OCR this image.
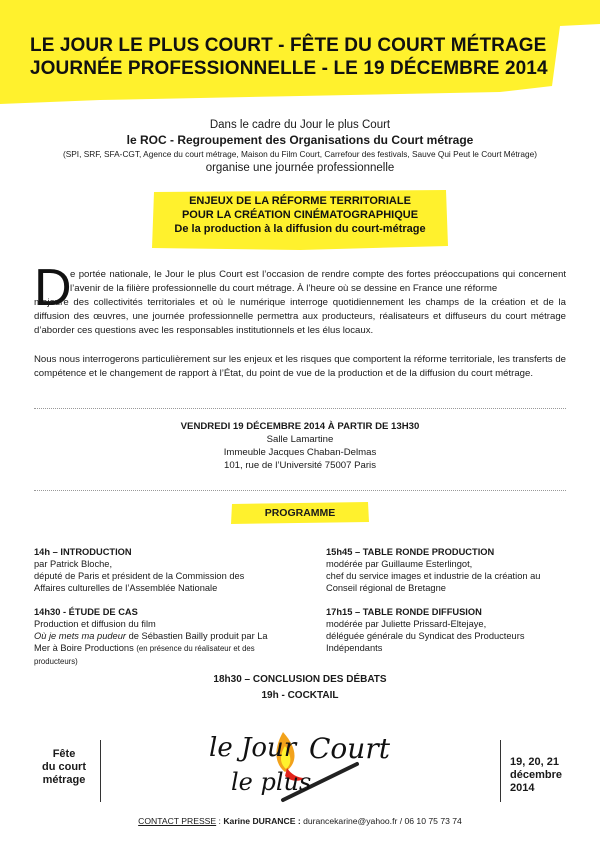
LE JOUR LE PLUS COURT - FÊTE DU COURT MÉTRAGE
JOURNÉE PROFESSIONNELLE - LE 19 DÉCEMBRE 2014
Dans le cadre du Jour le plus Court
le ROC - Regroupement des Organisations du Court métrage
(SPI, SRF, SFA-CGT, Agence du court métrage, Maison du Film Court, Carrefour des festivals, Sauve Qui Peut le Court Métrage)
organise une journée professionnelle
ENJEUX DE LA RÉFORME TERRITORIALE
POUR LA CRÉATION CINÉMATOGRAPHIQUE
De la production à la diffusion du court-métrage
D
e portée nationale, le Jour le plus Court est l’occasion de rendre compte des fortes préoccupations qui concernent l’avenir de la filière professionnelle du court métrage. À l’heure où se dessine en France une réforme
majeure des collectivités territoriales et où le numérique interroge quotidiennement les champs de la création et de la diffusion des œuvres, une journée professionnelle permettra aux producteurs, réalisateurs et diffuseurs du court métrage d’aborder ces questions avec les responsables institutionnels et les élus locaux.
Nous nous interrogerons particulièrement sur les enjeux et les risques que comportent la réforme territoriale, les transferts de compétence et le changement de rapport à l’État, du point de vue de la production et de la diffusion du court métrage.
VENDREDI 19 DÉCEMBRE 2014 À PARTIR DE 13H30
Salle Lamartine
Immeuble Jacques Chaban-Delmas
101, rue de l’Université 75007 Paris
PROGRAMME
14h – INTRODUCTION
par Patrick Bloche,
député de Paris et président de la Commission des Affaires culturelles de l’Assemblée Nationale
14h30 - ÉTUDE DE CAS
Production et diffusion du film
Où je mets ma pudeur de Sébastien Bailly produit par La Mer à Boire Productions (en présence du réalisateur et des producteurs)
15h45 – TABLE RONDE PRODUCTION
modérée par Guillaume Esterlingot,
chef du service images et industrie de la création au Conseil régional de Bretagne
17h15 – TABLE RONDE DIFFUSION
modérée par Juliette Prissard-Eltejaye,
déléguée générale du Syndicat des Producteurs Indépendants
18h30 – CONCLUSION DES DÉBATS
19h - COCKTAIL
Fête
du court
métrage
le Jour
le plus
Court	19, 20, 21
décembre
2014
CONTACT PRESSE : Karine DURANCE : durancekarine@yahoo.fr / 06 10 75 73 74
